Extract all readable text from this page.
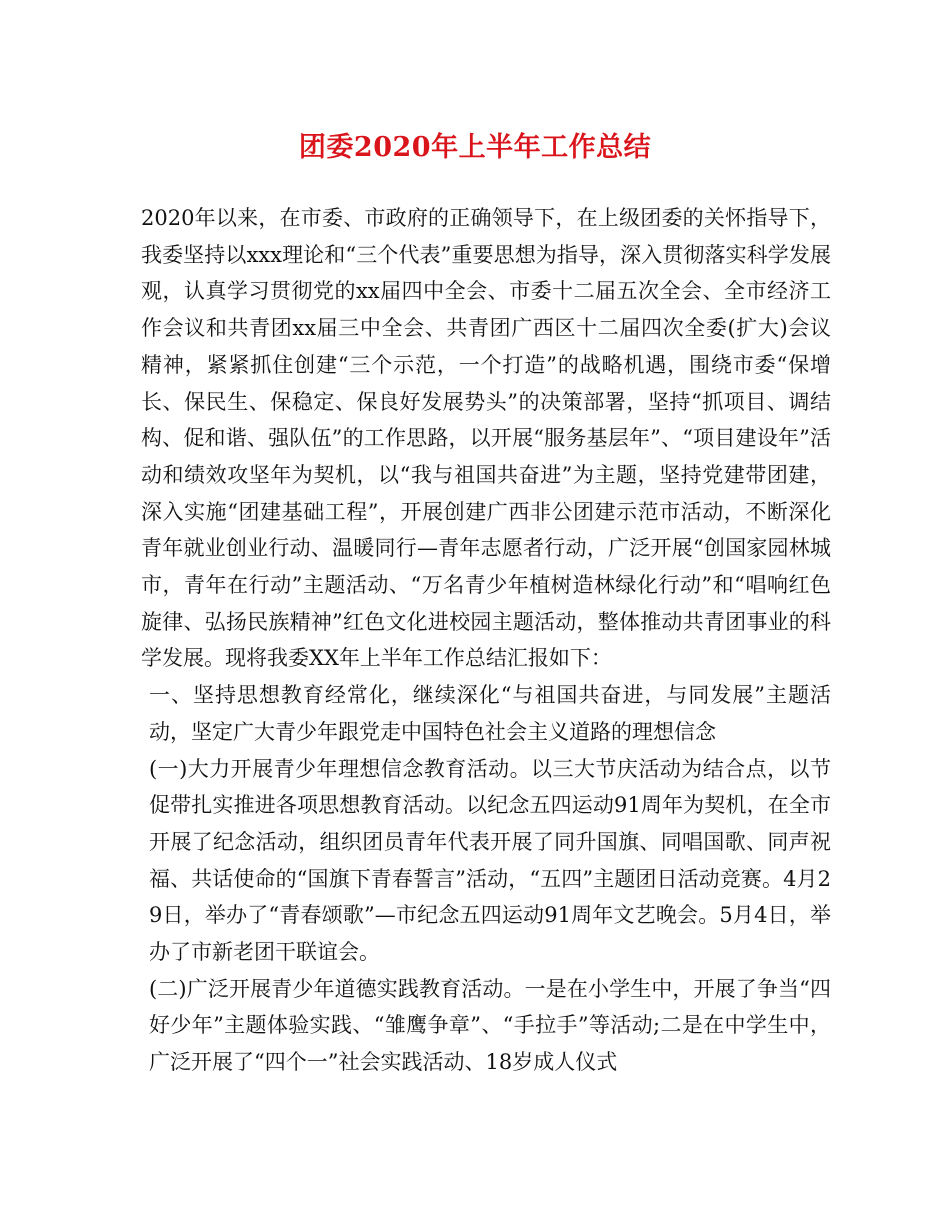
团委2020年上半年工作总结

2020年以来，在市委、市政府的正确领导下，在上级团委的关怀指导下，我委坚持以xxx理论和“三个代表”重要思想为指导，深入贯彻落实科学发展观，认真学习贯彻党的xx届四中全会、市委十二届五次全会、全市经济工作会议和共青团xx届三中全会、共青团广西区十二届四次全委(扩大)会议精神，紧紧抓住创建“三个示范，一个打造”的战略机遇，围绕市委“保增长、保民生、保稳定、保良好发展势头”的决策部署，坚持“抓项目、调结构、促和谐、强队伍”的工作思路，以开展“服务基层年”、“项目建设年”活动和绩效攻坚年为契机，以“我与祖国共奋进”为主题，坚持党建带团建，深入实施“团建基础工程”，开展创建广西非公团建示范市活动，不断深化青年就业创业行动、温暖同行—青年志愿者行动，广泛开展“创国家园林城市，青年在行动”主题活动、“万名青少年植树造林绿化行动”和“唱响红色旋律、弘扬民族精神”红色文化进校园主题活动，整体推动共青团事业的科学发展。现将我委XX年上半年工作总结汇报如下：

一、坚持思想教育经常化，继续深化“与祖国共奋进，与同发展”主题活动，坚定广大青少年跟党走中国特色社会主义道路的理想信念

(一)大力开展青少年理想信念教育活动。以三大节庆活动为结合点，以节促带扎实推进各项思想教育活动。以纪念五四运动91周年为契机，在全市开展了纪念活动，组织团员青年代表开展了同升国旗、同唱国歌、同声祝福、共话使命的“国旗下青春誓言”活动，“五四”主题团日活动竞赛。4月29日，举办了“青春颂歌”—市纪念五四运动91周年文艺晚会。5月4日，举办了市新老团干联谊会。

(二)广泛开展青少年道德实践教育活动。一是在小学生中，开展了争当“四好少年”主题体验实践、“雏鹰争章”、“手拉手”等活动;二是在中学生中，广泛开展了“四个一”社会实践活动、18岁成人仪式
